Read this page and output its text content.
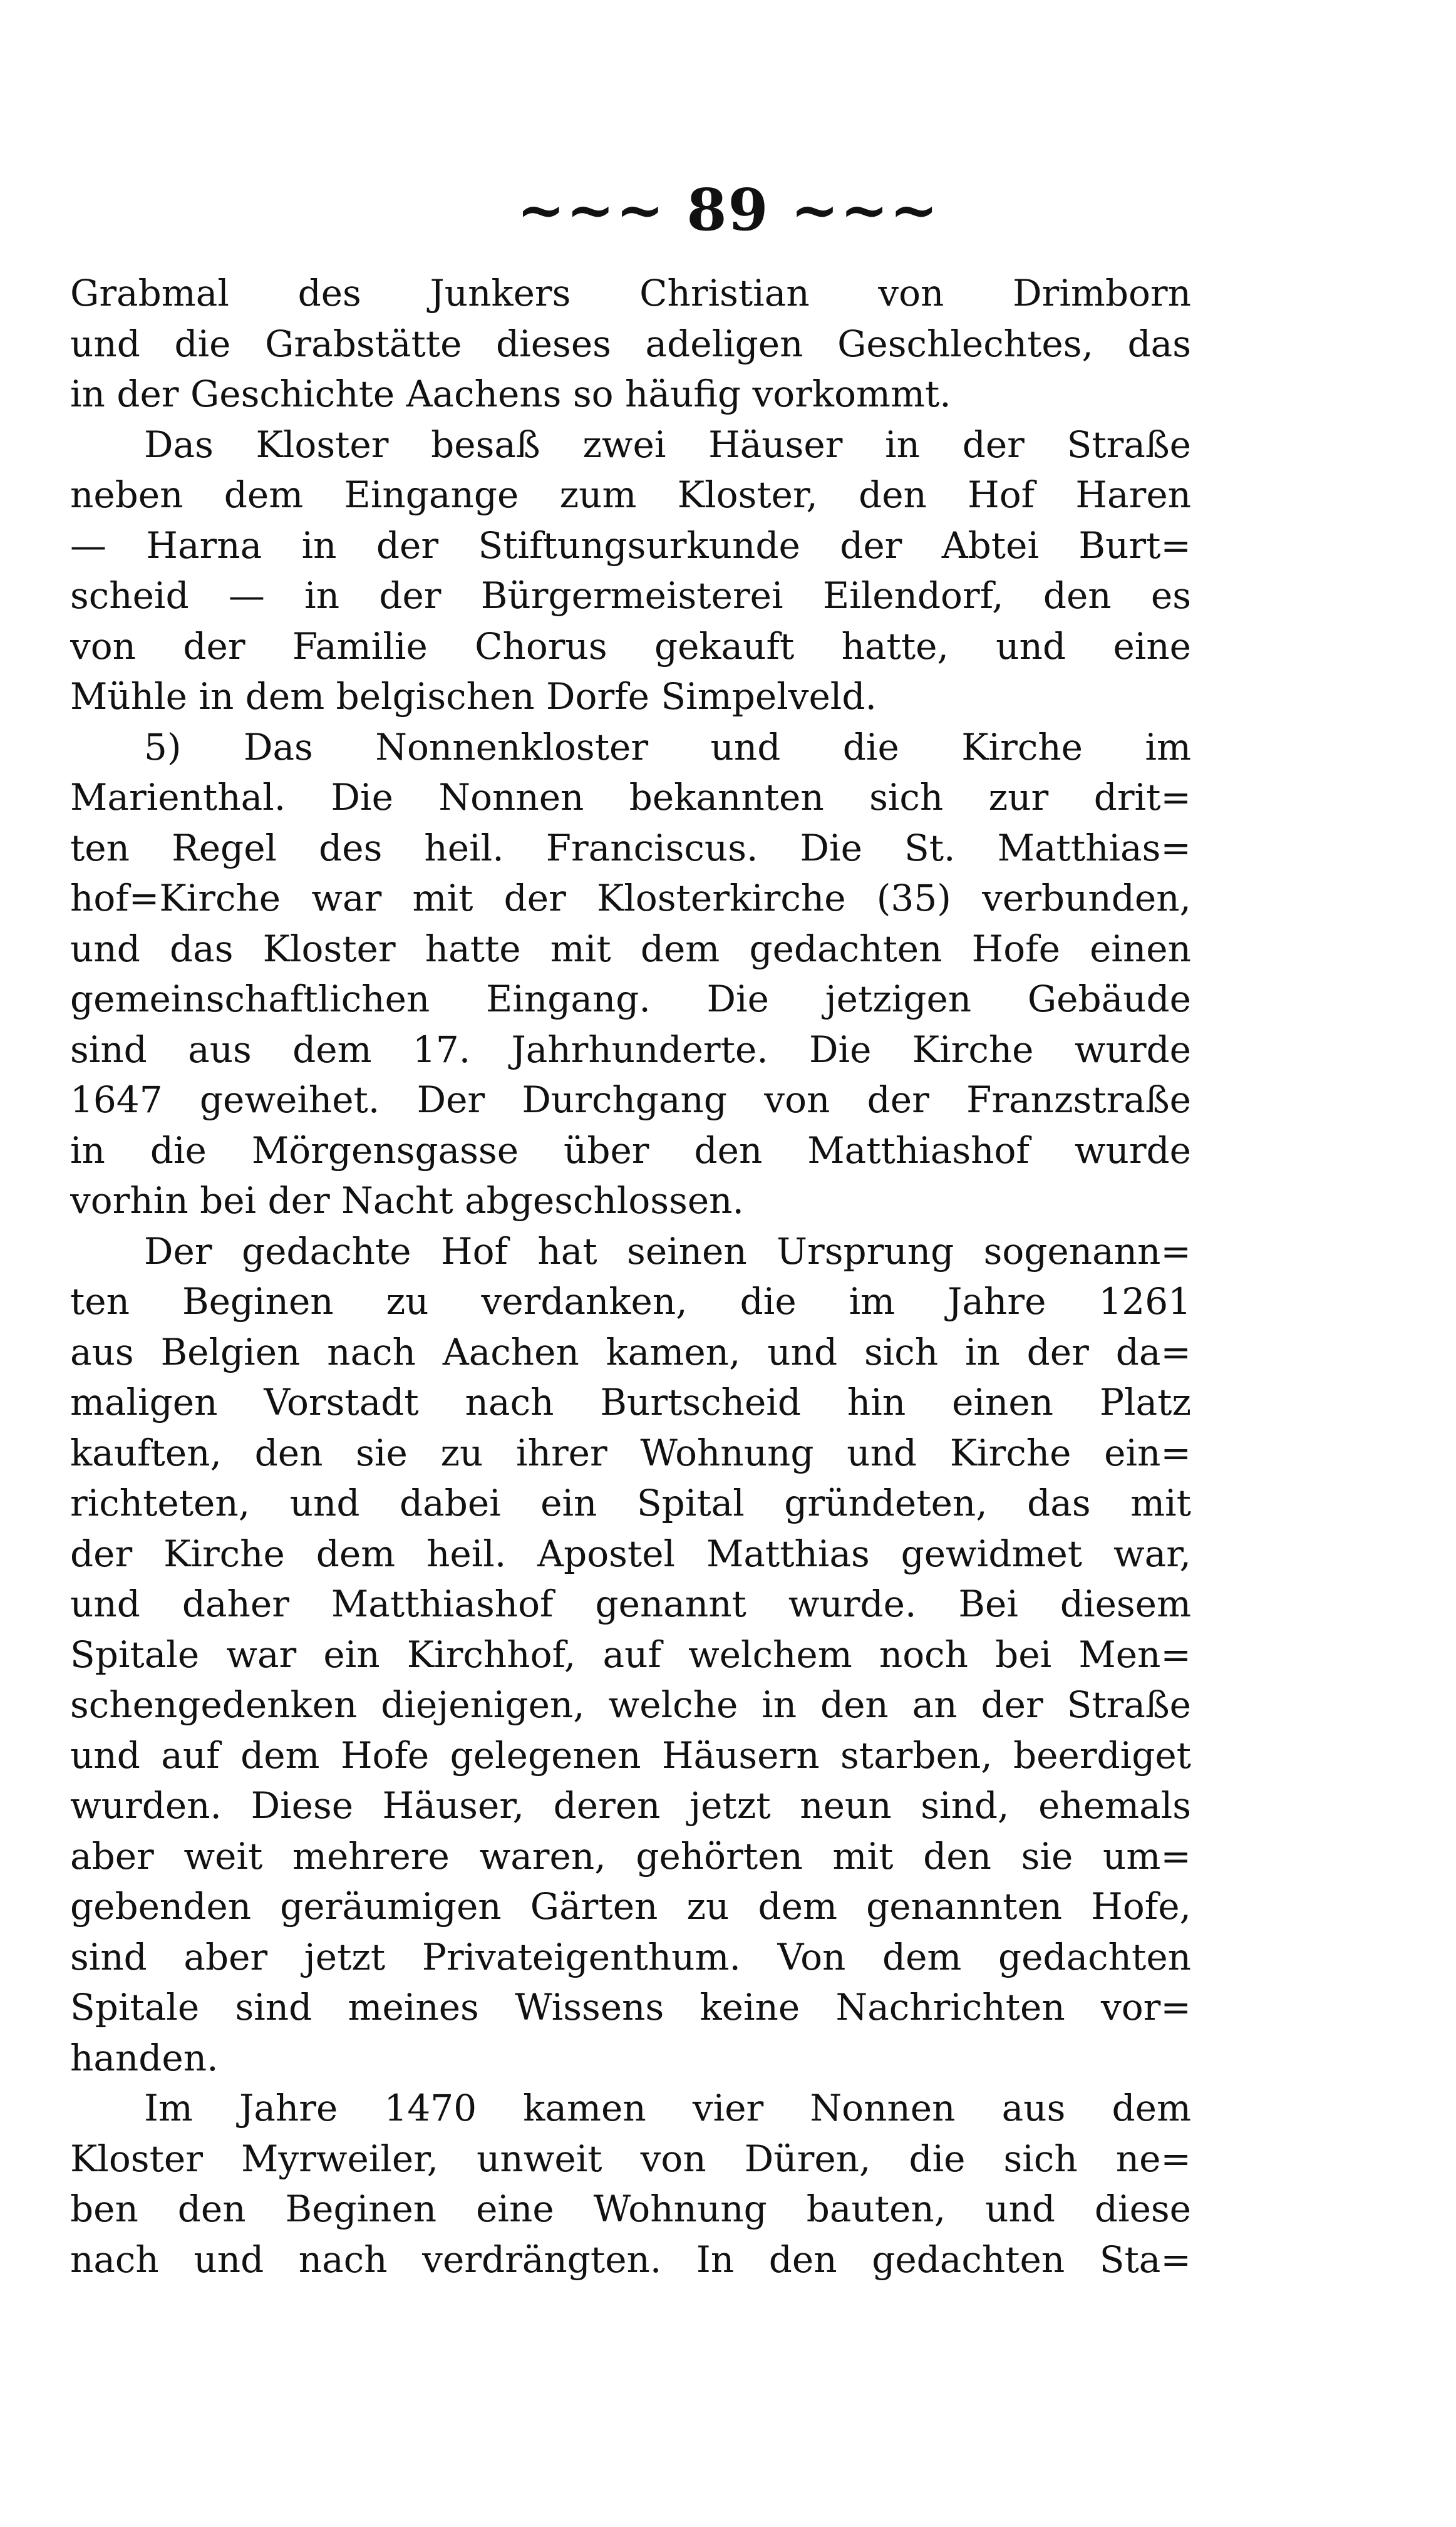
~~~ 89 ~~~
Grabmal des Junkers Christian von Drimborn
und die Grabstätte dieses adeligen Geschlechtes, das
in der Geschichte Aachens so häufig vorkommt.
Das Kloster besaß zwei Häuser in der Straße
neben dem Eingange zum Kloster, den Hof Haren
— Harna in der Stiftungsurkunde der Abtei Burt=
scheid — in der Bürgermeisterei Eilendorf, den es
von der Familie Chorus gekauft hatte, und eine
Mühle in dem belgischen Dorfe Simpelveld.
5) Das Nonnenkloster und die Kirche im
Marienthal. Die Nonnen bekannten sich zur drit=
ten Regel des heil. Franciscus. Die St. Matthias=
hof=Kirche war mit der Klosterkirche (35) verbunden,
und das Kloster hatte mit dem gedachten Hofe einen
gemeinschaftlichen Eingang. Die jetzigen Gebäude
sind aus dem 17. Jahrhunderte. Die Kirche wurde
1647 geweihet. Der Durchgang von der Franzstraße
in die Mörgensgasse über den Matthiashof wurde
vorhin bei der Nacht abgeschlossen.
Der gedachte Hof hat seinen Ursprung sogenann=
ten Beginen zu verdanken, die im Jahre 1261
aus Belgien nach Aachen kamen, und sich in der da=
maligen Vorstadt nach Burtscheid hin einen Platz
kauften, den sie zu ihrer Wohnung und Kirche ein=
richteten, und dabei ein Spital gründeten, das mit
der Kirche dem heil. Apostel Matthias gewidmet war,
und daher Matthiashof genannt wurde. Bei diesem
Spitale war ein Kirchhof, auf welchem noch bei Men=
schengedenken diejenigen, welche in den an der Straße
und auf dem Hofe gelegenen Häusern starben, beerdiget
wurden. Diese Häuser, deren jetzt neun sind, ehemals
aber weit mehrere waren, gehörten mit den sie um=
gebenden geräumigen Gärten zu dem genannten Hofe,
sind aber jetzt Privateigenthum. Von dem gedachten
Spitale sind meines Wissens keine Nachrichten vor=
handen.
Im Jahre 1470 kamen vier Nonnen aus dem
Kloster Myrweiler, unweit von Düren, die sich ne=
ben den Beginen eine Wohnung bauten, und diese
nach und nach verdrängten. In den gedachten Sta=
